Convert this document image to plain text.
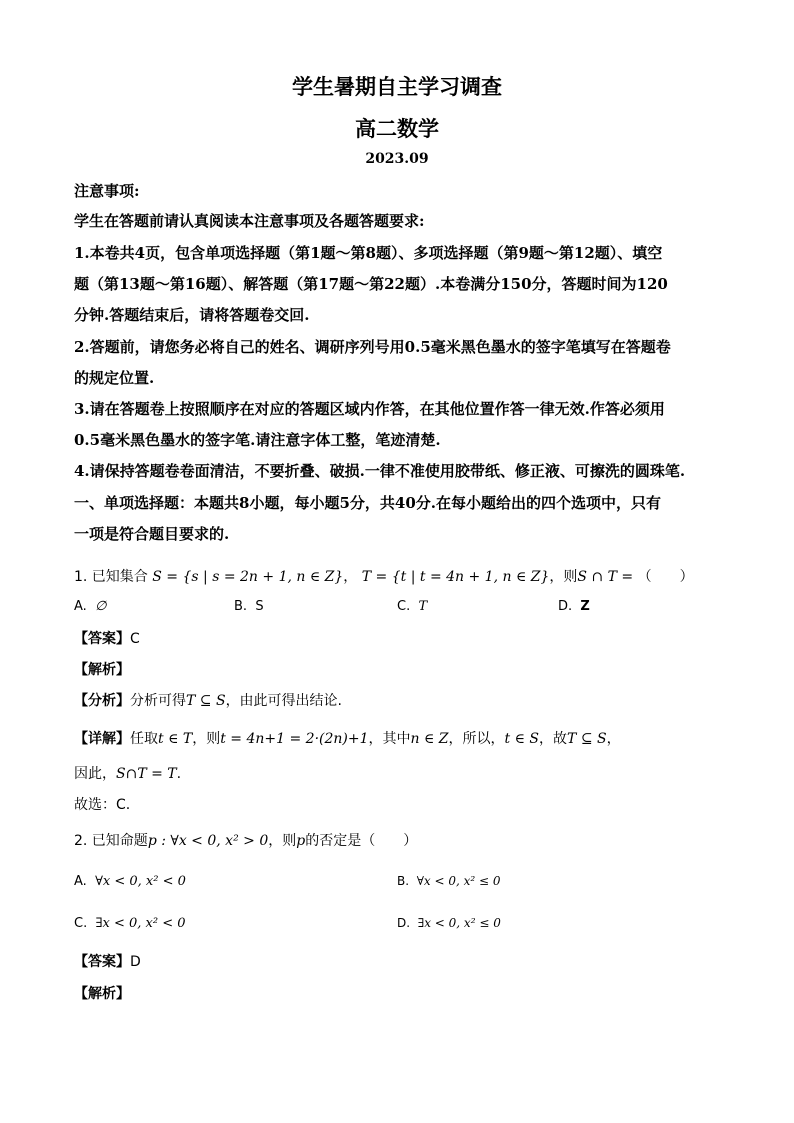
学生暑期自主学习调查
高二数学
2023.09
注意事项:
学生在答题前请认真阅读本注意事项及各题答题要求:
1.本卷共4页，包含单项选择题（第1题～第8题）、多项选择题（第9题～第12题）、填空
题（第13题～第16题）、解答题（第17题～第22题）.本卷满分150分，答题时间为120
分钟.答题结束后，请将答题卷交回.
2.答题前，请您务必将自己的姓名、调研序列号用0.5毫米黑色墨水的签字笔填写在答题卷
的规定位置.
3.请在答题卷上按照顺序在对应的答题区域内作答，在其他位置作答一律无效.作答必须用
0.5毫米黑色墨水的签字笔.请注意字体工整，笔迹清楚.
4.请保持答题卷卷面清洁，不要折叠、破损.一律不准使用胶带纸、修正液、可擦洗的圆珠笔.
一、单项选择题：本题共8小题，每小题5分，共40分.在每小题给出的四个选项中，只有
一项是符合题目要求的.
1. 已知集合 S = {s | s = 2n + 1, n ∈ Z}， T = {t | t = 4n + 1, n ∈ Z}，则S ∩ T = （　　）
A. ∅	B. S	C. T	D. Z
【答案】C
【解析】
【分析】分析可得T ⊆ S，由此可得出结论.
【详解】任取t ∈ T，则t = 4n+1 = 2·(2n)+1，其中n ∈ Z，所以，t ∈ S，故T ⊆ S，
因此，S∩T = T.
故选：C.
2. 已知命题p : ∀x < 0, x² > 0，则p的否定是（　　）
A. ∀x < 0, x² < 0	B. ∀x < 0, x² ≤ 0
C. ∃x < 0, x² < 0	D. ∃x < 0, x² ≤ 0
【答案】D
【解析】
